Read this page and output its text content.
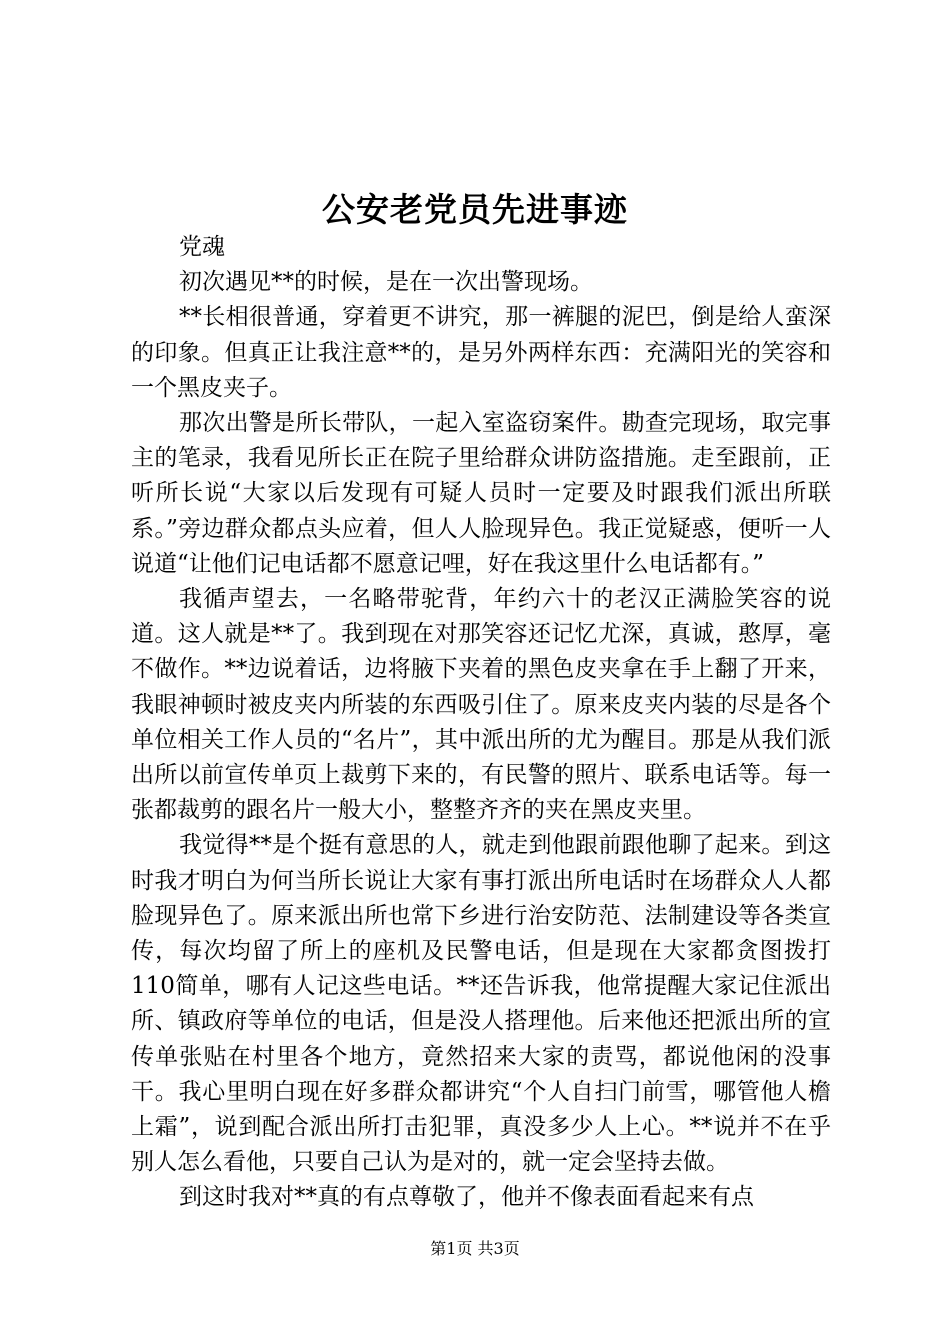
公安老党员先进事迹

党魂

初次遇见**的时候，是在一次出警现场。

**长相很普通，穿着更不讲究，那一裤腿的泥巴，倒是给人蛮深的印象。但真正让我注意**的，是另外两样东西：充满阳光的笑容和一个黑皮夹子。

那次出警是所长带队，一起入室盗窃案件。勘查完现场，取完事主的笔录，我看见所长正在院子里给群众讲防盗措施。走至跟前，正听所长说“大家以后发现有可疑人员时一定要及时跟我们派出所联系。”旁边群众都点头应着，但人人脸现异色。我正觉疑惑，便听一人说道“让他们记电话都不愿意记哩，好在我这里什么电话都有。”

我循声望去，一名略带驼背，年约六十的老汉正满脸笑容的说道。这人就是**了。我到现在对那笑容还记忆尤深，真诚，憨厚，毫不做作。**边说着话，边将腋下夹着的黑色皮夹拿在手上翻了开来，我眼神顿时被皮夹内所装的东西吸引住了。原来皮夹内装的尽是各个单位相关工作人员的“名片”，其中派出所的尤为醒目。那是从我们派出所以前宣传单页上裁剪下来的，有民警的照片、联系电话等。每一张都裁剪的跟名片一般大小，整整齐齐的夹在黑皮夹里。

我觉得**是个挺有意思的人，就走到他跟前跟他聊了起来。到这时我才明白为何当所长说让大家有事打派出所电话时在场群众人人都脸现异色了。原来派出所也常下乡进行治安防范、法制建设等各类宣传，每次均留了所上的座机及民警电话，但是现在大家都贪图拨打110简单，哪有人记这些电话。**还告诉我，他常提醒大家记住派出所、镇政府等单位的电话，但是没人搭理他。后来他还把派出所的宣传单张贴在村里各个地方，竟然招来大家的责骂，都说他闲的没事干。我心里明白现在好多群众都讲究“个人自扫门前雪，哪管他人檐上霜”，说到配合派出所打击犯罪，真没多少人上心。**说并不在乎别人怎么看他，只要自己认为是对的，就一定会坚持去做。

到这时我对**真的有点尊敬了，他并不像表面看起来有点

第1页 共3页
